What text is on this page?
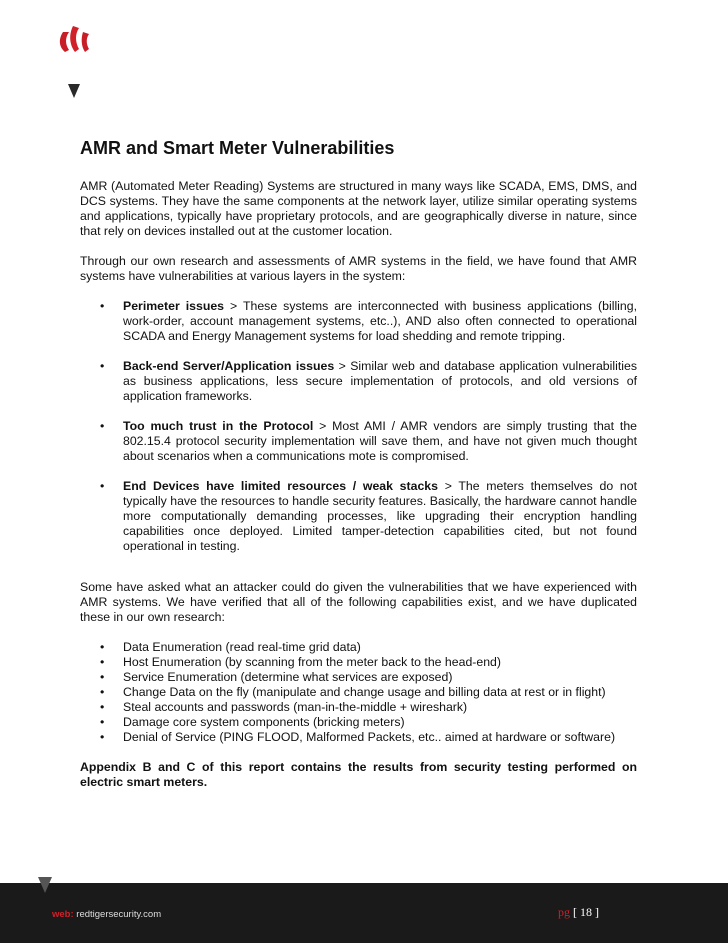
AMR and Smart Meter Vulnerabilities

AMR (Automated Meter Reading) Systems are structured in many ways like SCADA, EMS, DMS, and DCS systems. They have the same components at the network layer, utilize similar operating systems and applications, typically have proprietary protocols, and are geographically diverse in nature, since that rely on devices installed out at the customer location.

Through our own research and assessments of AMR systems in the field, we have found that AMR systems have vulnerabilities at various layers in the system:

• Perimeter issues > These systems are interconnected with business applications (billing, work-order, account management systems, etc..), AND also often connected to operational SCADA and Energy Management systems for load shedding and remote tripping.
• Back-end Server/Application issues > Similar web and database application vulnerabilities as business applications, less secure implementation of protocols, and old versions of application frameworks.
• Too much trust in the Protocol > Most AMI / AMR vendors are simply trusting that the 802.15.4 protocol security implementation will save them, and have not given much thought about scenarios when a communications mote is compromised.
• End Devices have limited resources / weak stacks > The meters themselves do not typically have the resources to handle security features. Basically, the hardware cannot handle more computationally demanding processes, like upgrading their encryption handling capabilities once deployed. Limited tamper-detection capabilities cited, but not found operational in testing.

Some have asked what an attacker could do given the vulnerabilities that we have experienced with AMR systems. We have verified that all of the following capabilities exist, and we have duplicated these in our own research:

• Data Enumeration (read real-time grid data)
• Host Enumeration (by scanning from the meter back to the head-end)
• Service Enumeration (determine what services are exposed)
• Change Data on the fly (manipulate and change usage and billing data at rest or in flight)
• Steal accounts and passwords (man-in-the-middle + wireshark)
• Damage core system components (bricking meters)
• Denial of Service (PING FLOOD, Malformed Packets, etc.. aimed at hardware or software)

Appendix B and C of this report contains the results from security testing performed on electric smart meters.

web: redtigersecurity.com	pg [ 18 ]
